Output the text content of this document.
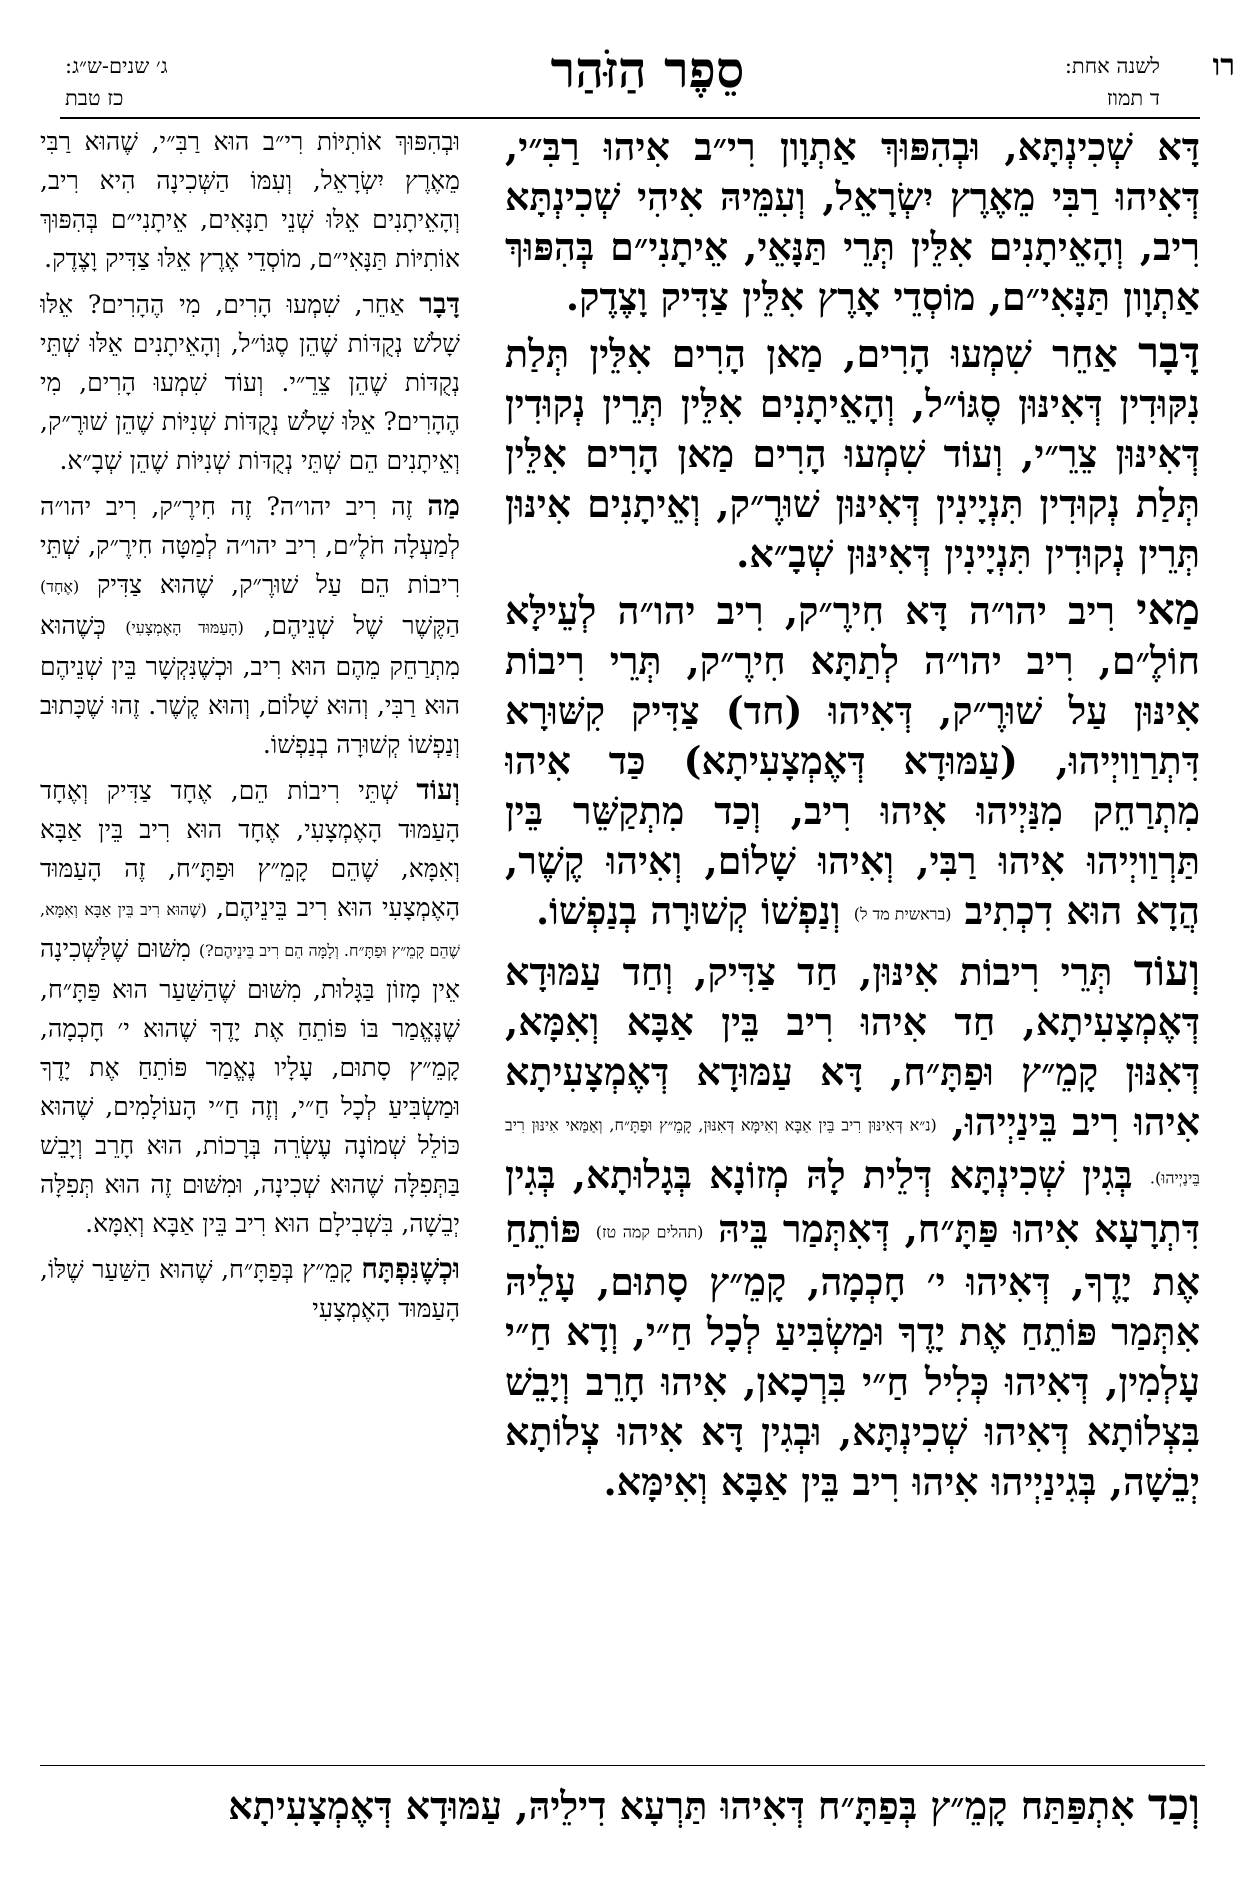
רו
לשנה אחת:
ד תמוז
סֵפֶר הַזֹּהַר
ג׳ שנים-ש״ג:
כז טבת

דָּא שְׁכִינְתָּא, וּבְהִפּוּךְ אַתְוָון רִי״ב אִיהוּ רַבִּ״י, דְּאִיהוּ רַבִּי מֵאֶרֶץ יִשְׂרָאֵל, וְעִמֵּיהּ אִיהִי שְׁכִינְתָּא רִיב, וְהָאֵיתָנִים אִלֵּין תְּרֵי תַּנָּאֵי, אֵיתָנִי״ם בְּהִפּוּךְ אַתְוָון תַּנָּאִי״ם, מוֹסְדֵי אָרֶץ אִלֵּין צַדִּיק וָצֶדֶק.

דָּבָר אַחֵר שִׁמְעוּ הָרִים, מַאן הָרִים אִלֵּין תְּלַת נִקּוּדִין דְּאִינּוּן סֶגּוֹ״ל, וְהָאֵיתָנִים אִלֵּין תְּרֵין נְקוּדִין דְּאִינּוּן צֵרֵ״י, וְעוֹד שִׁמְעוּ הָרִים מַאן הָרִים אִלֵּין תְּלַת נְקוּדִין תִּנְיָינִין דְּאִינּוּן שׁוּרֶ״ק, וְאֵיתָנִים אִינּוּן תְּרֵין נְקוּדִין תִּנְיָינִין דְּאִינּוּן שְׁבָ״א.

מַאי רִיב יהו״ה דָּא חִירֶ״ק, רִיב יהו״ה לְעֵילָּא חוֹלֶ״ם, רִיב יהו״ה לְתַתָּא חִירֶ״ק, תְּרֵי רִיבוֹת אִינּוּן עַל שׁוּרֶ״ק, דְּאִיהוּ (חד) צַדִּיק קִשּׁוּרָא דִּתְרַוַויְיהוּ, (עַמּוּדָא דְּאֶמְצָעִיתָא) כַּד אִיהוּ מִתְרַחֵק מִנַּיְיהוּ אִיהוּ רִיב, וְכַד מִתְקַשֵּׁר בֵּין תַּרְוַויְיהוּ אִיהוּ רַבִּי, וְאִיהוּ שָׁלוֹם, וְאִיהוּ קֶשֶׁר, הֲדָא הוּא דִכְתִיב (בראשית מד ל) וְנַפְשׁוֹ קְשׁוּרָה בְנַפְשׁוֹ.

וְעוֹד תְּרֵי רִיבוֹת אִינּוּן, חַד צַדִּיק, וְחַד עַמּוּדָא דְּאֶמְצָעִיתָא, חַד אִיהוּ רִיב בֵּין אַבָּא וְאִמָּא, דְּאִנּוּן קָמֵ״ץ וּפַתָּ״ח, דָּא עַמּוּדָא דְּאֶמְצָעִיתָא אִיהוּ רִיב בֵּינַיְיהוּ, (נ״א דְּאִינּוּן רִיב בֵּין אַבָּא וְאִימָּא דְּאִנּוּן, קָמֵ״ץ וּפַתָּ״ח, וְאַמַּאי אִינּוּן רִיב בֵּינַיְיהוּ). בְּגִין שְׁכִינְתָּא דְּלֵית לָהּ מְזוֹנָא בְּגָלוּתָא, בְּגִין דִּתְרָעָא אִיהוּ פַּתָּ״ח, דְּאִתְּמַר בֵּיהּ (תהלים קמה טז) פּוֹתֵחַ אֶת יָדֶךָ, דְּאִיהוּ י׳ חָכְמָה, קָמֵ״ץ סָתוּם, עָלֵיהּ אִתְּמַר פּוֹתֵחַ אֶת יָדֶךָ וּמַשְׂבִּיעַ לְכָל חַ״י, וְדָא חַ״י עָלְמִין, דְּאִיהוּ כְּלִיל חַ״י בִּרְכָאן, אִיהוּ חָרֵב וְיָבֵשׁ בִּצְלוֹתָא דְּאִיהוּ שְׁכִינְתָּא, וּבְגִין דָּא אִיהוּ צְלוֹתָא יְבֵשָׁה, בְּגִינַיְיהוּ אִיהוּ רִיב בֵּין אַבָּא וְאִימָּא.

וּבְהִפּוּךְ אוֹתִיּוֹת רִי״ב הוּא רַבִּ״י, שֶׁהוּא רַבִּי מֵאֶרֶץ יִשְׂרָאֵל, וְעִמּוֹ הַשְּׁכִינָה הִיא רִיב, וְהָאֵיתָנִים אֵלּוּ שְׁנֵי תַנָּאִים, אֵיתָנִי״ם בְּהִפּוּךְ אוֹתִיּוֹת תַּנָּאִי״ם, מוֹסְדֵי אֶרֶץ אֵלּוּ צַדִּיק וָצֶדֶק.

דָּבָר אַחֵר, שִׁמְעוּ הָרִים, מִי הֶהָרִים? אֵלּוּ שָׁלֹשׁ נְקֻדּוֹת שֶׁהֵן סֶגּוֹ״ל, וְהָאֵיתָנִים אֵלּוּ שְׁתֵּי נְקֻדּוֹת שֶׁהֵן צֵרֵ״י. וְעוֹד שִׁמְעוּ הָרִים, מִי הֶהָרִים? אֵלּוּ שָׁלֹשׁ נְקֻדּוֹת שְׁנִיּוֹת שֶׁהֵן שׁוּרֶ״ק, וְאֵיתָנִים הֵם שְׁתֵּי נְקֻדּוֹת שְׁנִיּוֹת שֶׁהֵן שְׁבָ״א.

מַה זֶה רִיב יהו״ה? זֶה חִירֶ״ק, רִיב יהו״ה לְמַעְלָה חֹלֶ״ם, רִיב יהו״ה לְמַטָּה חִירֶ״ק, שְׁתֵּי רִיבוֹת הֵם עַל שׁוּרֶ״ק, שֶׁהוּא צַדִּיק (אֶחָד) הַקֶּשֶׁר שֶׁל שְׁנֵיהֶם, (הָעַמּוּד הָאֶמְצָעִי) כְּשֶׁהוּא מִתְרַחֵק מֵהֶם הוּא רִיב, וּכְשֶׁנִּקְשָׁר בֵּין שְׁנֵיהֶם הוּא רַבִּי, וְהוּא שָׁלוֹם, וְהוּא קֶשֶׁר. זֶהוּ שֶׁכָּתוּב וְנַפְשׁוֹ קְשׁוּרָה בְנַפְשׁוֹ.

וְעוֹד שְׁתֵּי רִיבוֹת הֵם, אֶחָד צַדִּיק וְאֶחָד הָעַמּוּד הָאֶמְצָעִי, אֶחָד הוּא רִיב בֵּין אַבָּא וְאִמָּא, שֶׁהֵם קָמֵ״ץ וּפַתָּ״ח, זֶה הָעַמּוּד הָאֶמְצָעִי הוּא רִיב בֵּינֵיהֶם, (שֶׁהוּא רִיב בֵּין אַבָּא וְאִמָּא, שֶׁהֵם קָמֵ״ץ וּפַתָּ״ח. וְלָמָּה הֵם רִיב בֵּינֵיהֶם?) מִשּׁוּם שֶׁלַּשְּׁכִינָה אֵין מָזוֹן בַּגָּלוּת, מִשּׁוּם שֶׁהַשַּׁעַר הוּא פַּתָּ״ח, שֶׁנֶּאֱמַר בּוֹ פּוֹתֵחַ אֶת יָדֶךָ שֶׁהוּא י׳ חָכְמָה, קָמֵ״ץ סָתוּם, עָלָיו נֶאֱמַר פּוֹתֵחַ אֶת יָדֶךָ וּמַשְׂבִּיעַ לְכָל חַ״י, וְזֶה חַ״י הָעוֹלָמִים, שֶׁהוּא כּוֹלֵל שְׁמוֹנָה עֶשְׂרֵה בְּרָכוֹת, הוּא חָרֵב וְיָבֵשׁ בַּתְּפִלָּה שֶׁהוּא שְׁכִינָה, וּמִשּׁוּם זֶה הוּא תְּפִלָּה יְבֵשָׁה, בִּשְׁבִילָם הוּא רִיב בֵּין אַבָּא וְאִמָּא.

וּכְשֶׁנִּפְתָּח קָמֵ״ץ בְּפַתָּ״ח, שֶׁהוּא הַשַּׁעַר שֶׁלּוֹ, הָעַמּוּד הָאֶמְצָעִי

וְכַד אִתְפַּתַּח קָמֵ״ץ בְּפַתָּ״ח דְּאִיהוּ תַּרְעָא דִילֵיהּ, עַמּוּדָא דְּאֶמְצָעִיתָא
